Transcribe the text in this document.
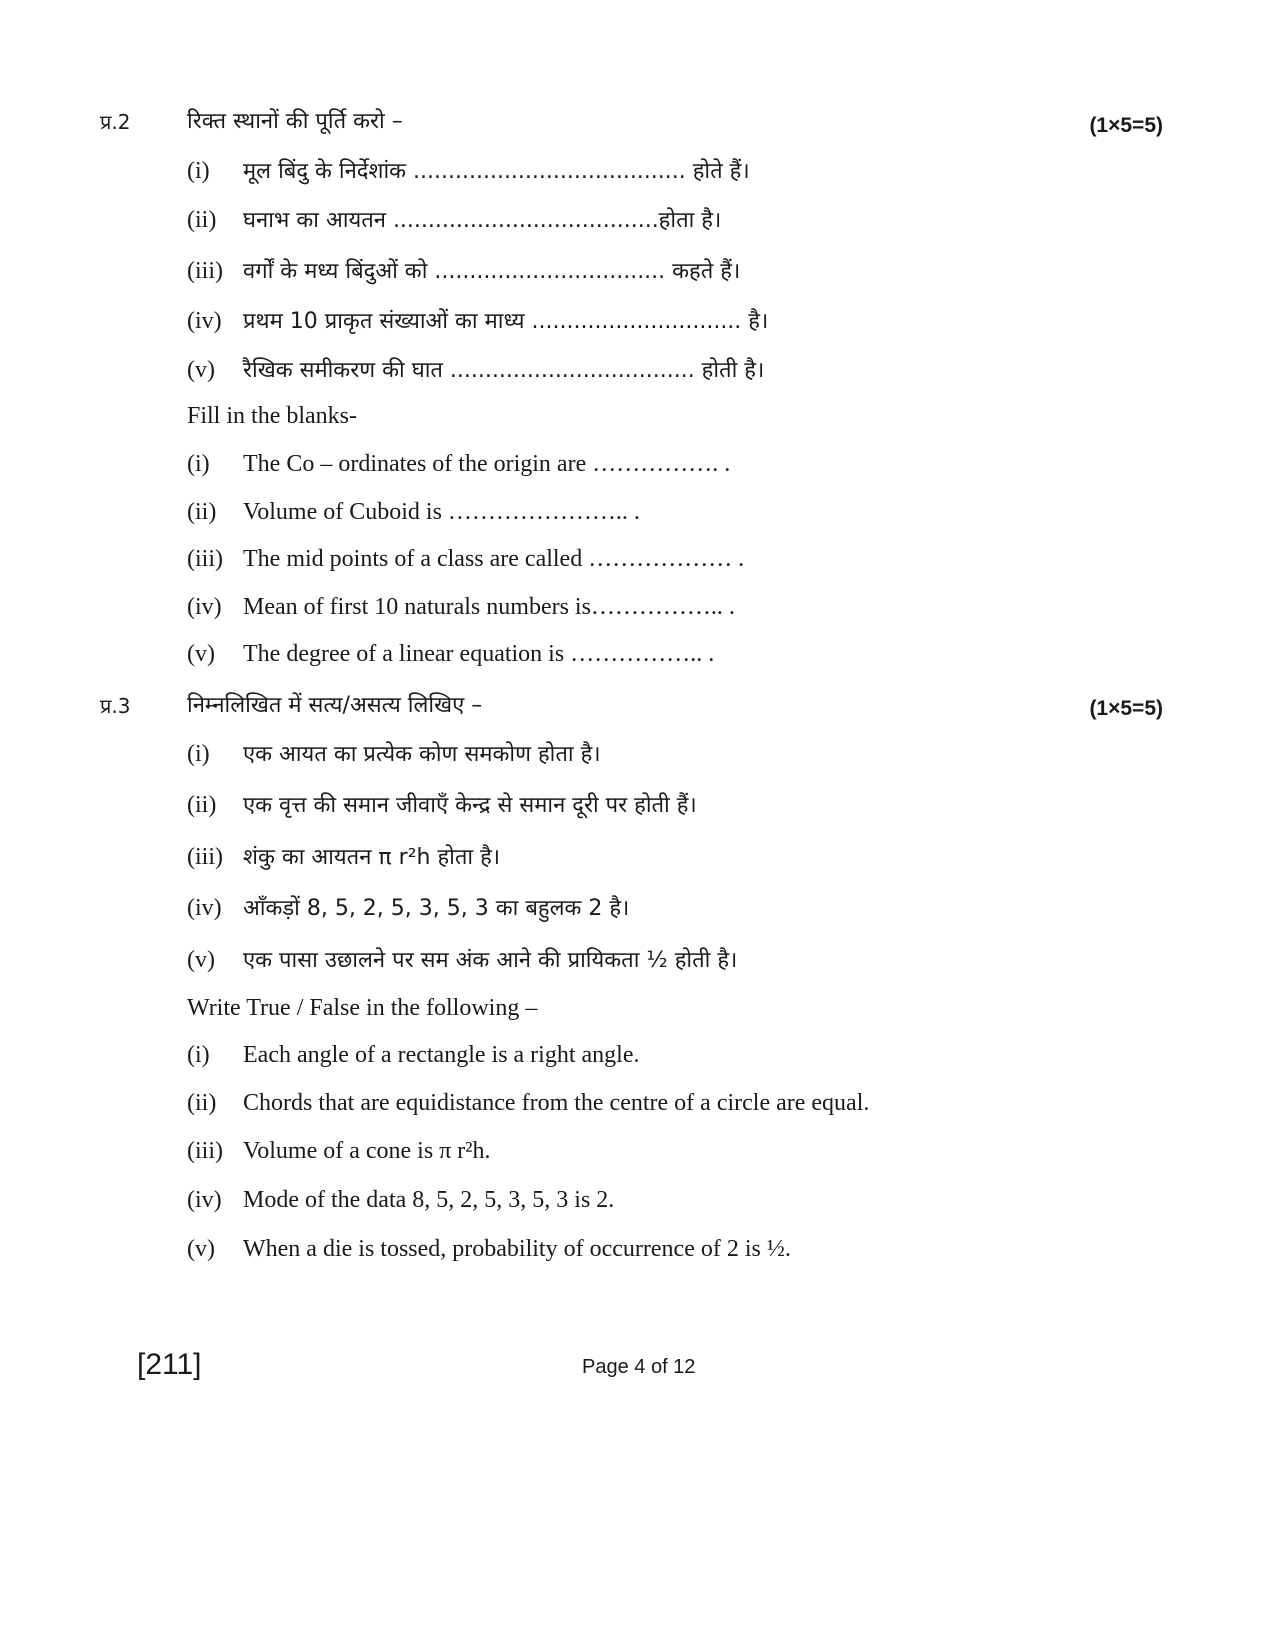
प्र.2	रिक्त स्थानों की पूर्ति करो –	(1×5=5)
(i) मूल बिंदु के निर्देशांक ....................................... होते हैं।
(ii) घनाभ का आयतन ......................................होता है।
(iii) वर्गों के मध्य बिंदुओं को ................................. कहते हैं।
(iv) प्रथम 10 प्राकृत संख्याओं का माध्य .............................. है।
(v) रैखिक समीकरण की घात ................................... होती है।
Fill in the blanks-
(i) The Co – ordinates of the origin are ……………. .
(ii) Volume of Cuboid is ………………….. .
(iii) The mid points of a class are called ……………… .
(iv) Mean of first 10 naturals numbers is…………….. .
(v) The degree of a linear equation is …………….. .
प्र.3	निम्नलिखित में सत्य/असत्य लिखिए –	(1×5=5)
(i) एक आयत का प्रत्येक कोण समकोण होता है।
(ii) एक वृत्त की समान जीवाएँ केन्द्र से समान दूरी पर होती हैं।
(iii) शंकु का आयतन π r²h होता है।
(iv) आँकड़ों 8, 5, 2, 5, 3, 5, 3 का बहुलक 2 है।
(v) एक पासा उछालने पर सम अंक आने की प्रायिकता ½ होती है।
Write True / False in the following –
(i) Each angle of a rectangle is a right angle.
(ii) Chords that are equidistance from the centre of a circle are equal.
(iii) Volume of a cone is π r²h.
(iv) Mode of the data 8, 5, 2, 5, 3, 5, 3 is 2.
(v) When a die is tossed, probability of occurrence of 2 is ½.
[211]	Page 4 of 12
